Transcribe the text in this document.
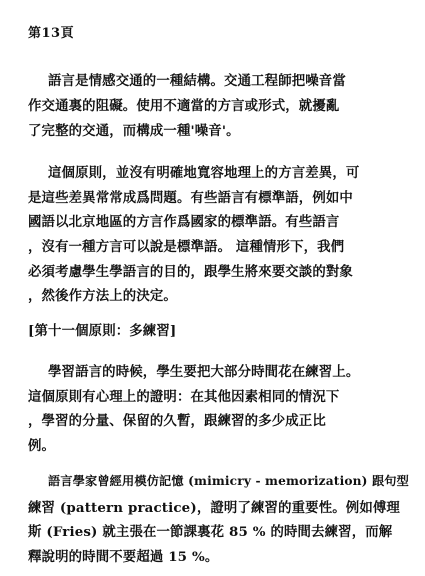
第13頁
語言是情感交通的一種結構。交通工程師把噪音當
作交通裏的阻礙。使用不適當的方言或形式，就擾亂
了完整的交通，而構成一種'噪音'。
這個原則，並沒有明確地寬容地理上的方言差異，可
是這些差異常常成爲問題。有些語言有標準語，例如中
國語以北京地區的方言作爲國家的標準語。有些語言
，沒有一種方言可以說是標準語。 這種情形下，我們
必須考慮學生學語言的目的，跟學生將來要交談的對象
，然後作方法上的決定。
[第十一個原則：多練習]
學習語言的時候，學生要把大部分時間花在練習上。
這個原則有心理上的證明：在其他因素相同的情況下
，學習的分量、保留的久暫，跟練習的多少成正比
例。
語言學家曾經用模仿記憶 (mimicry - memorization) 跟句型
練習 (pattern practice)，證明了練習的重要性。例如傅理
斯 (Fries) 就主張在一節課裏花 85 % 的時間去練習，而解
釋說明的時間不要超過 15 %。
